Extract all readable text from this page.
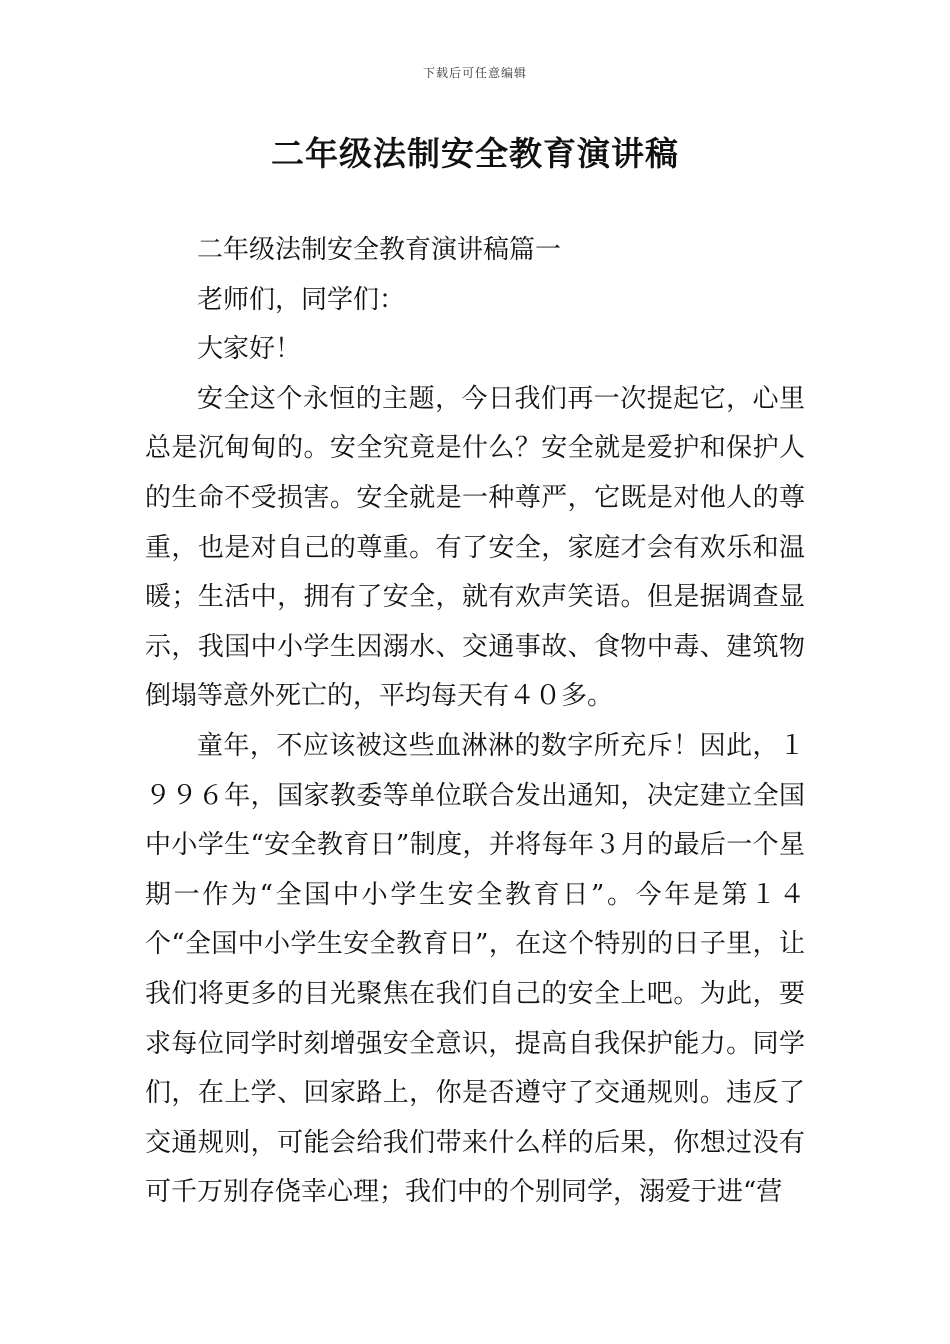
下载后可任意编辑
二年级法制安全教育演讲稿

二年级法制安全教育演讲稿篇一

老师们，同学们：

大家好！

安全这个永恒的主题，今日我们再一次提起它，心里总是沉甸甸的。安全究竟是什么？安全就是爱护和保护人的生命不受损害。安全就是一种尊严，它既是对他人的尊重，也是对自己的尊重。有了安全，家庭才会有欢乐和温暖；生活中，拥有了安全，就有欢声笑语。但是据调查显示，我国中小学生因溺水、交通事故、食物中毒、建筑物倒塌等意外死亡的，平均每天有４０多。

童年，不应该被这些血淋淋的数字所充斥！因此，１９９６年，国家教委等单位联合发出通知，决定建立全国中小学生“安全教育日”制度，并将每年３月的最后一个星期一作为“全国中小学生安全教育日”。今年是第１４个“全国中小学生安全教育日”，在这个特别的日子里，让我们将更多的目光聚焦在我们自己的安全上吧。为此，要求每位同学时刻增强安全意识，提高自我保护能力。同学们，在上学、回家路上，你是否遵守了交通规则。违反了交通规则，可能会给我们带来什么样的后果，你想过没有可千万别存侥幸心理；我们中的个别同学，溺爱于进“营
